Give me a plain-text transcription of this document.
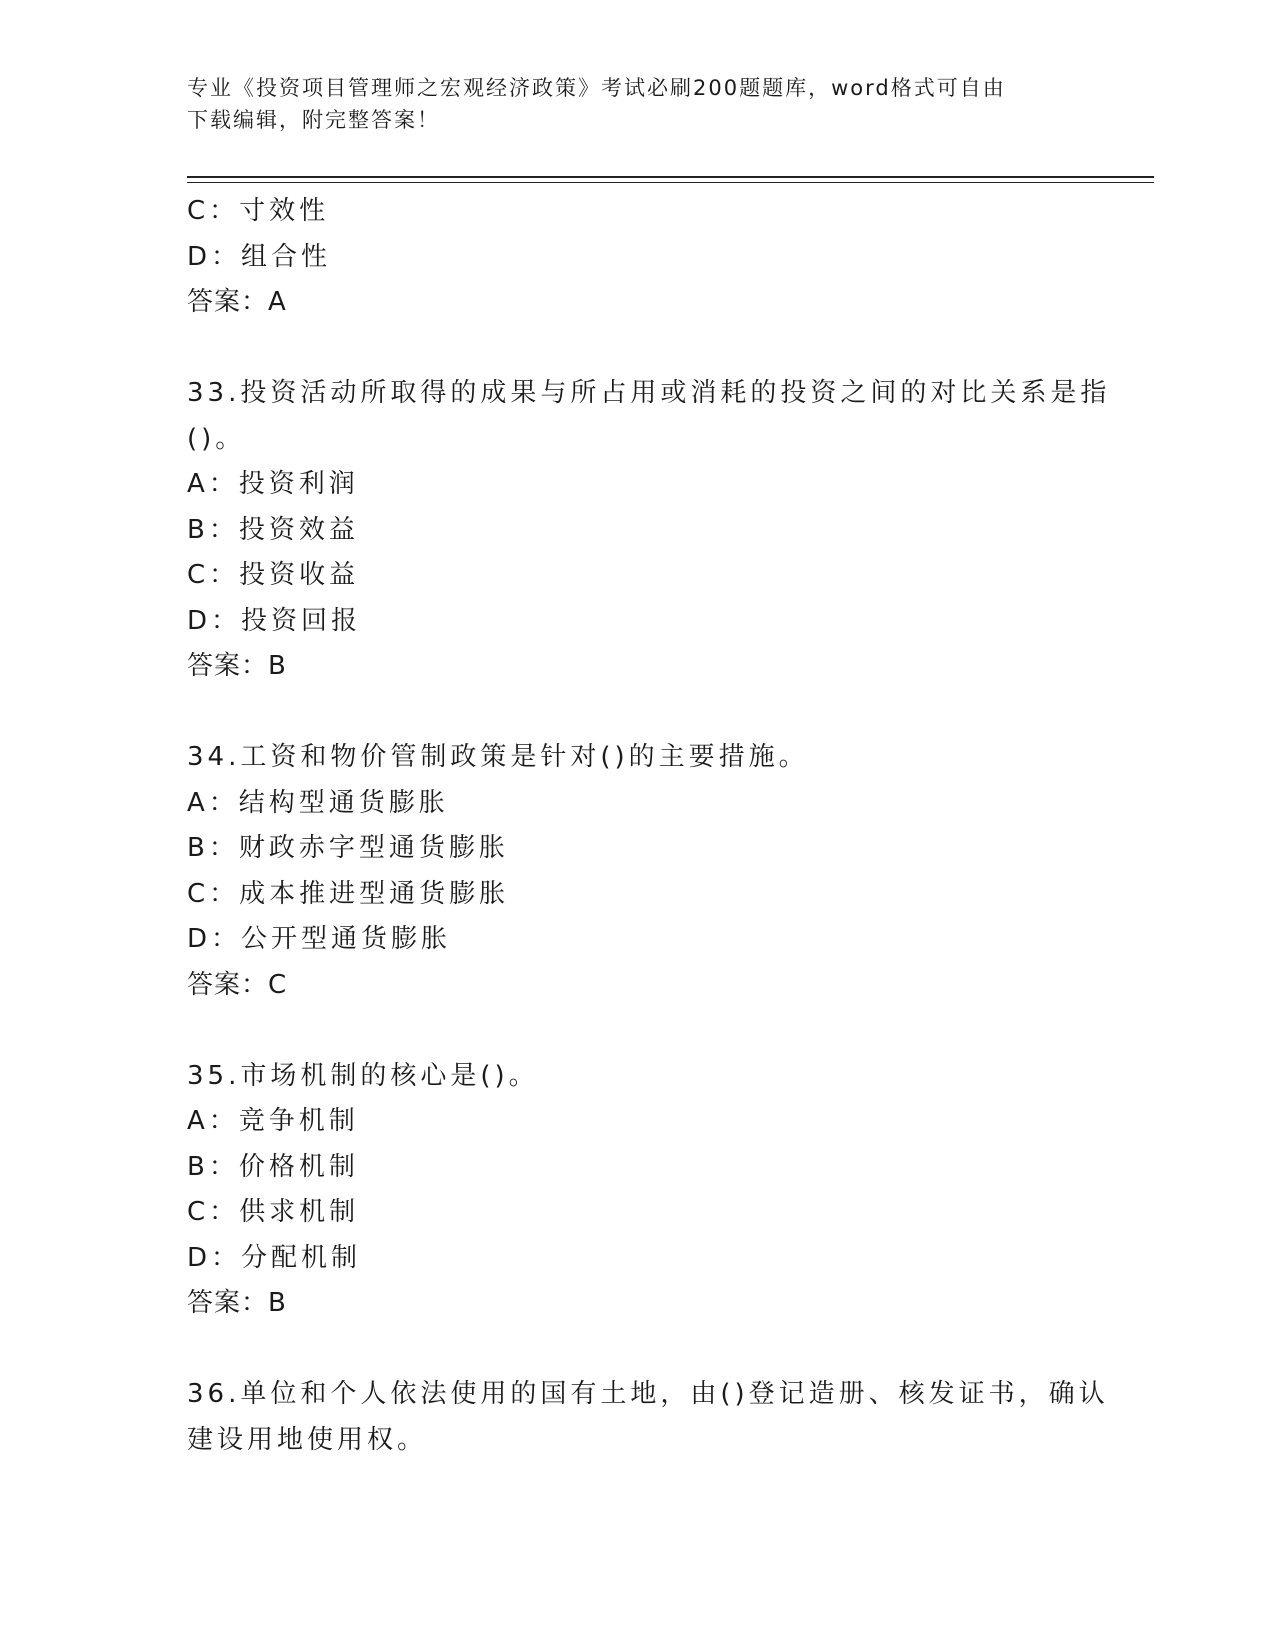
专业《投资项目管理师之宏观经济政策》考试必刷200题题库，word格式可自由
下载编辑，附完整答案！
C：寸效性
D：组合性
答案：A
33.投资活动所取得的成果与所占用或消耗的投资之间的对比关系是指
()。
A：投资利润
B：投资效益
C：投资收益
D：投资回报
答案：B
34.工资和物价管制政策是针对()的主要措施。
A：结构型通货膨胀
B：财政赤字型通货膨胀
C：成本推进型通货膨胀
D：公开型通货膨胀
答案：C
35.市场机制的核心是()。
A：竞争机制
B：价格机制
C：供求机制
D：分配机制
答案：B
36.单位和个人依法使用的国有土地，由()登记造册、核发证书，确认
建设用地使用权。
